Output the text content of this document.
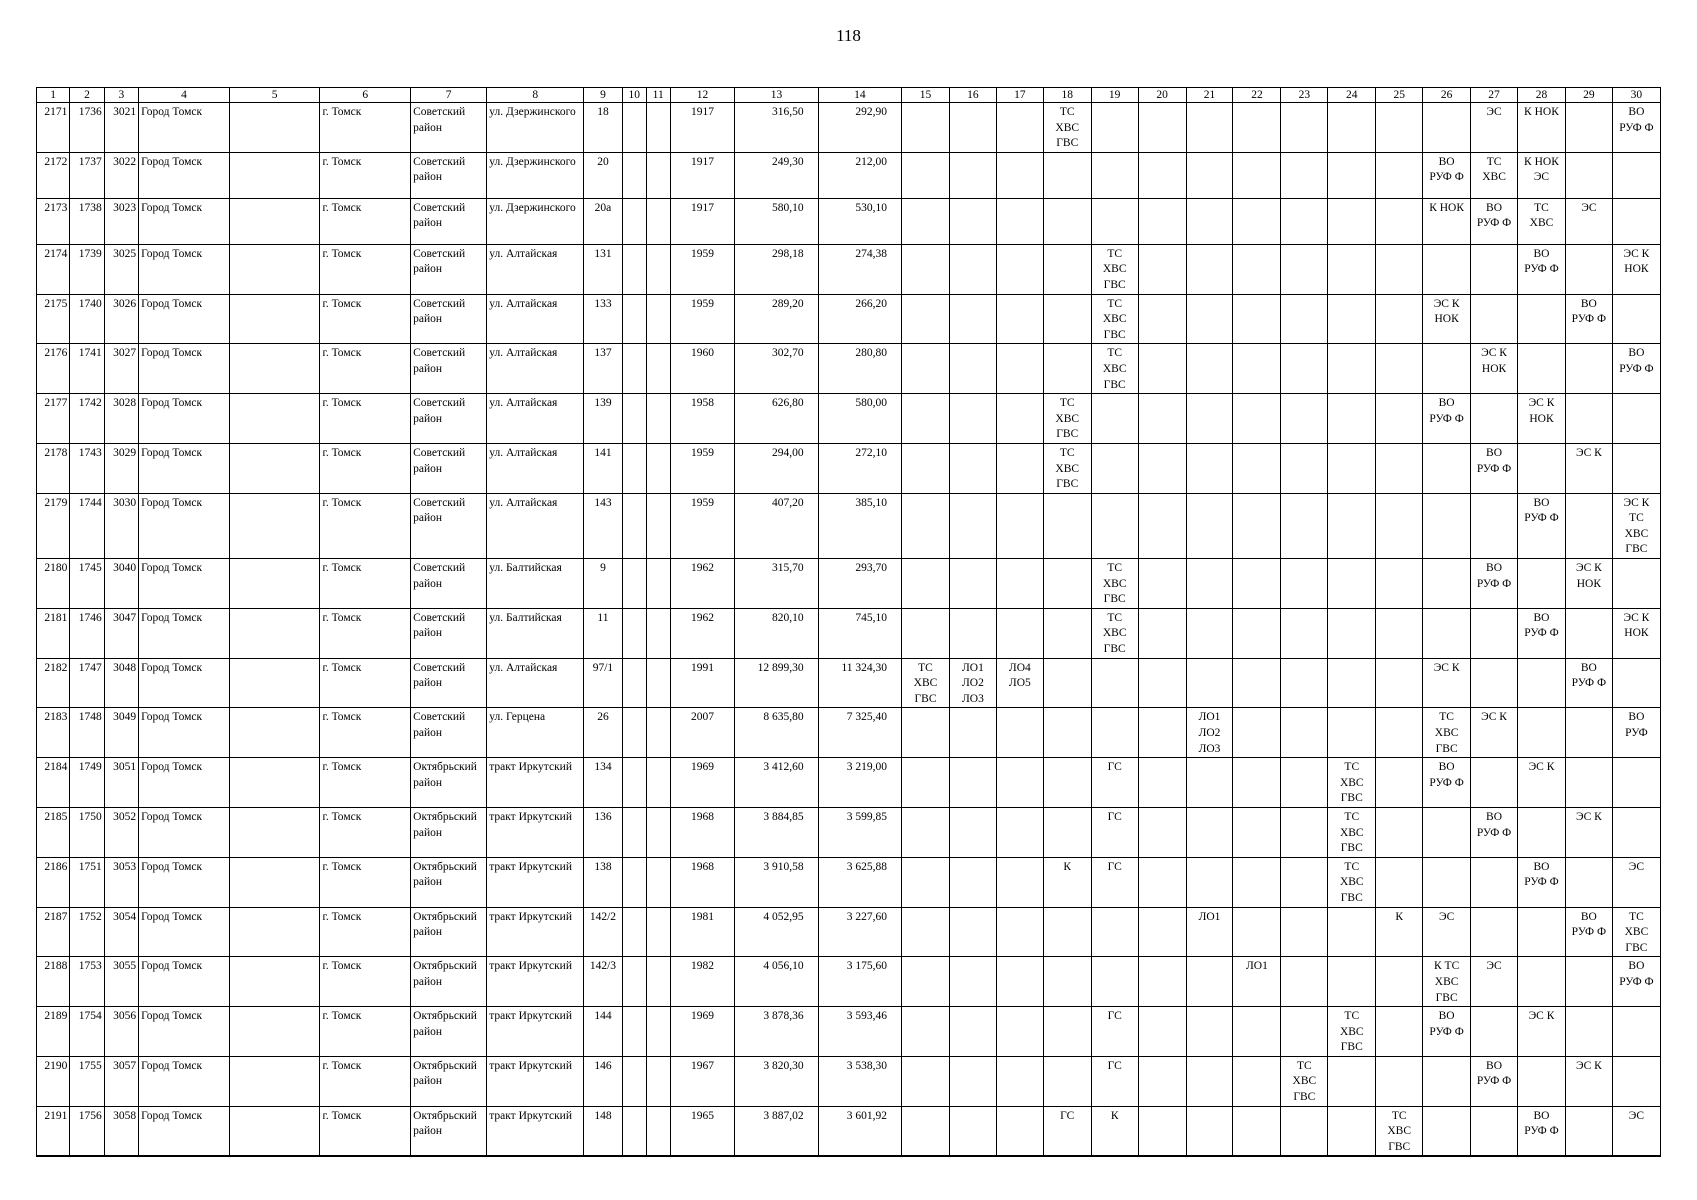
118
1	2	3	4	5	6	7	8	9	10	11	12	13	14	15	16	17	18	19	20	21	22	23	24	25	26	27	28	29	30
2171	1736	3021	Город Томск		г. Томск	Советский район	ул. Дзержинского	18			1917	316,50	292,90				ТС
ХВС
ГВС									ЭС	К НОК		ВО
РУФ Ф
2172	1737	3022	Город Томск		г. Томск	Советский район	ул. Дзержинского	20			1917	249,30	212,00												ВО
РУФ Ф	ТС
ХВС	К НОК
ЭС		
2173	1738	3023	Город Томск		г. Томск	Советский район	ул. Дзержинского	20а			1917	580,10	530,10												К НОК	ВО
РУФ Ф	ТС
ХВС	ЭС	
2174	1739	3025	Город Томск		г. Томск	Советский район	ул. Алтайская	131			1959	298,18	274,38					ТС
ХВС
ГВС									ВО
РУФ Ф		ЭС К
НОК
2175	1740	3026	Город Томск		г. Томск	Советский район	ул. Алтайская	133			1959	289,20	266,20					ТС
ХВС
ГВС							ЭС К
НОК			ВО
РУФ Ф	
2176	1741	3027	Город Томск		г. Томск	Советский район	ул. Алтайская	137			1960	302,70	280,80					ТС
ХВС
ГВС								ЭС К
НОК			ВО
РУФ Ф
2177	1742	3028	Город Томск		г. Томск	Советский район	ул. Алтайская	139			1958	626,80	580,00				ТС
ХВС
ГВС								ВО
РУФ Ф		ЭС К
НОК		
2178	1743	3029	Город Томск		г. Томск	Советский район	ул. Алтайская	141			1959	294,00	272,10				ТС
ХВС
ГВС									ВО
РУФ Ф		ЭС К	
2179	1744	3030	Город Томск		г. Томск	Советский район	ул. Алтайская	143			1959	407,20	385,10														ВО
РУФ Ф		ЭС К
ТС
ХВС
ГВС
2180	1745	3040	Город Томск		г. Томск	Советский район	ул. Балтийская	9			1962	315,70	293,70					ТС
ХВС
ГВС								ВО
РУФ Ф		ЭС К
НОК	
2181	1746	3047	Город Томск		г. Томск	Советский район	ул. Балтийская	11			1962	820,10	745,10					ТС
ХВС
ГВС									ВО
РУФ Ф		ЭС К
НОК
2182	1747	3048	Город Томск		г. Томск	Советский район	ул. Алтайская	97/1			1991	12 899,30	11 324,30	ТС
ХВС
ГВС	ЛО1
ЛО2
ЛО3	ЛО4
ЛО5									ЭС К			ВО
РУФ Ф	
2183	1748	3049	Город Томск		г. Томск	Советский район	ул. Герцена	26			2007	8 635,80	7 325,40							ЛО1
ЛО2
ЛО3					ТС
ХВС
ГВС	ЭС К			ВО
РУФ
2184	1749	3051	Город Томск		г. Томск	Октябрьский район	тракт Иркутский	134			1969	3 412,60	3 219,00					ГС					ТС
ХВС
ГВС		ВО
РУФ Ф		ЭС К		
2185	1750	3052	Город Томск		г. Томск	Октябрьский район	тракт Иркутский	136			1968	3 884,85	3 599,85					ГС					ТС
ХВС
ГВС			ВО
РУФ Ф		ЭС К	
2186	1751	3053	Город Томск		г. Томск	Октябрьский район	тракт Иркутский	138			1968	3 910,58	3 625,88				К	ГС					ТС
ХВС
ГВС				ВО
РУФ Ф		ЭС
2187	1752	3054	Город Томск		г. Томск	Октябрьский район	тракт Иркутский	142/2			1981	4 052,95	3 227,60							ЛО1				К	ЭС			ВО
РУФ Ф	ТС
ХВС
ГВС
2188	1753	3055	Город Томск		г. Томск	Октябрьский район	тракт Иркутский	142/3			1982	4 056,10	3 175,60								ЛО1				К ТС
ХВС
ГВС	ЭС			ВО
РУФ Ф
2189	1754	3056	Город Томск		г. Томск	Октябрьский район	тракт Иркутский	144			1969	3 878,36	3 593,46					ГС					ТС
ХВС
ГВС		ВО
РУФ Ф		ЭС К		
2190	1755	3057	Город Томск		г. Томск	Октябрьский район	тракт Иркутский	146			1967	3 820,30	3 538,30					ГС				ТС
ХВС
ГВС				ВО
РУФ Ф		ЭС К	
2191	1756	3058	Город Томск		г. Томск	Октябрьский район	тракт Иркутский	148			1965	3 887,02	3 601,92				ГС	К						ТС
ХВС
ГВС			ВО
РУФ Ф		ЭС
